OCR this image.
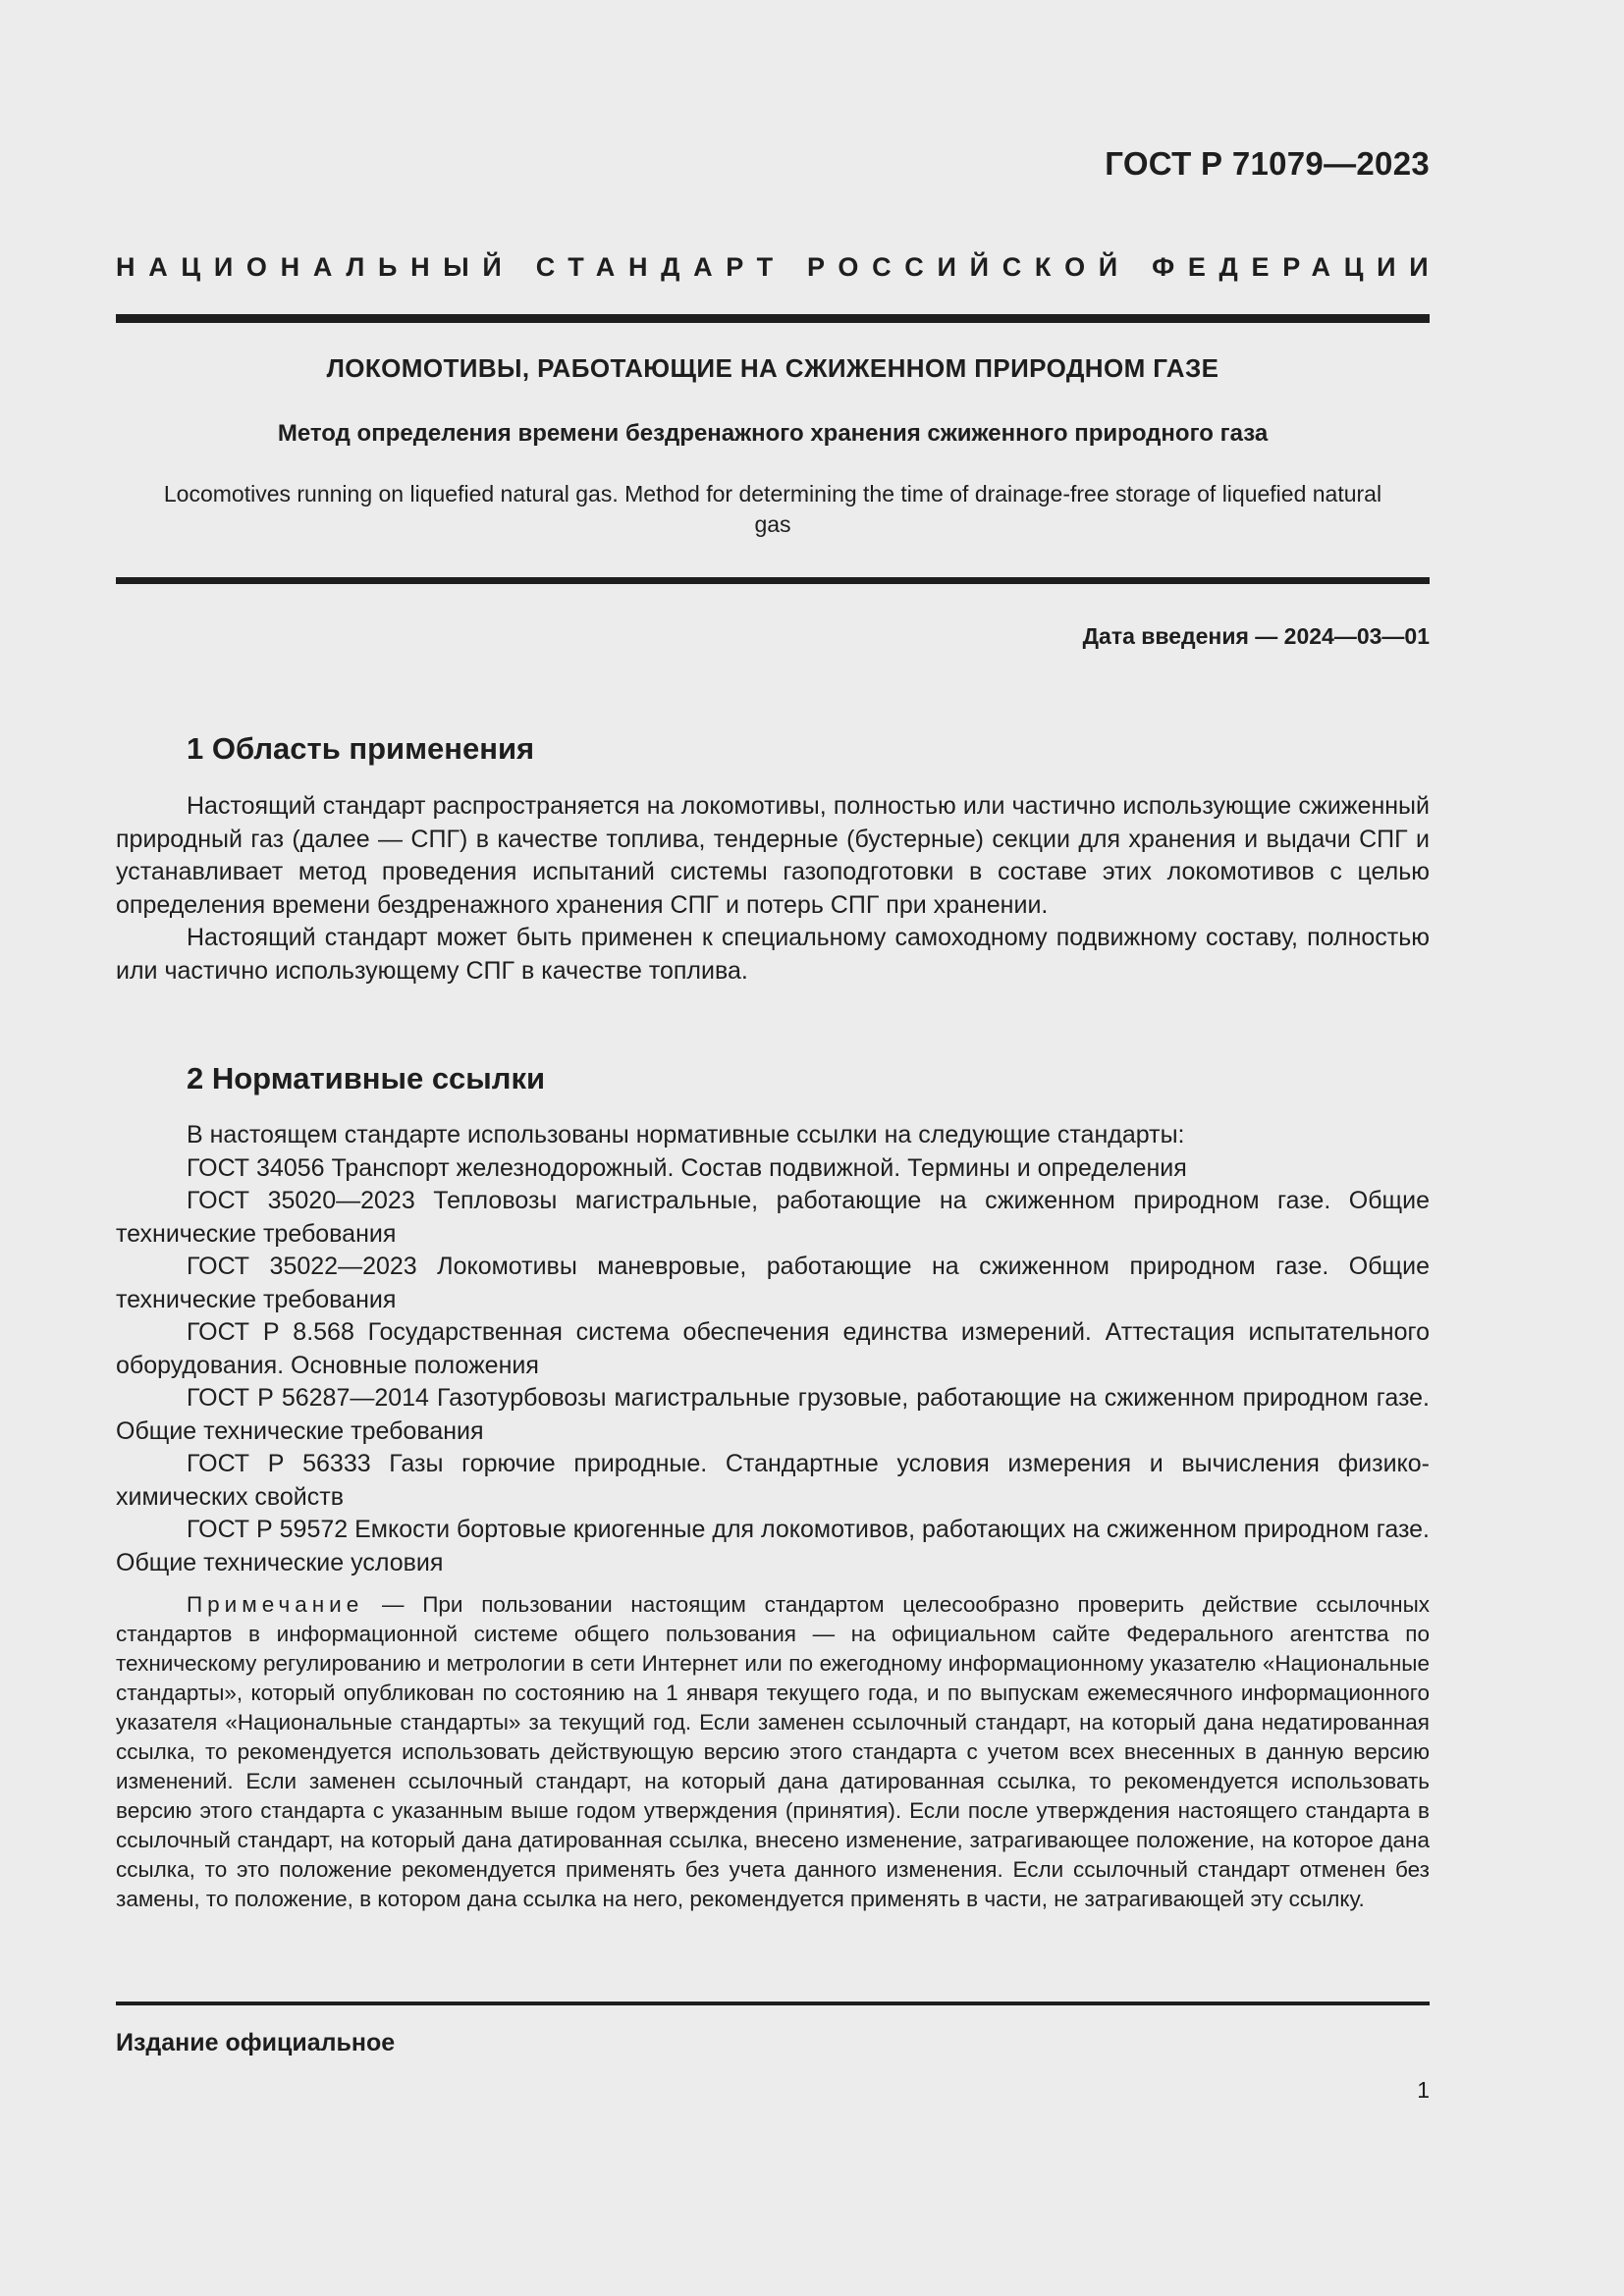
ГОСТ Р 71079—2023
НАЦИОНАЛЬНЫЙ СТАНДАРТ РОССИЙСКОЙ ФЕДЕРАЦИИ
ЛОКОМОТИВЫ, РАБОТАЮЩИЕ НА СЖИЖЕННОМ ПРИРОДНОМ ГАЗЕ
Метод определения времени бездренажного хранения сжиженного природного газа
Locomotives running on liquefied natural gas. Method for determining the time of drainage-free storage of liquefied natural gas
Дата введения — 2024—03—01
1 Область применения

Настоящий стандарт распространяется на локомотивы, полностью или частично использующие сжиженный природный газ (далее — СПГ) в качестве топлива, тендерные (бустерные) секции для хранения и выдачи СПГ и устанавливает метод проведения испытаний системы газоподготовки в составе этих локомотивов с целью определения времени бездренажного хранения СПГ и потерь СПГ при хранении.

Настоящий стандарт может быть применен к специальному самоходному подвижному составу, полностью или частично использующему СПГ в качестве топлива.

2 Нормативные ссылки

В настоящем стандарте использованы нормативные ссылки на следующие стандарты:

ГОСТ 34056 Транспорт железнодорожный. Состав подвижной. Термины и определения

ГОСТ 35020—2023 Тепловозы магистральные, работающие на сжиженном природном газе. Общие технические требования

ГОСТ 35022—2023 Локомотивы маневровые, работающие на сжиженном природном газе. Общие технические требования

ГОСТ Р 8.568 Государственная система обеспечения единства измерений. Аттестация испытательного оборудования. Основные положения

ГОСТ Р 56287—2014 Газотурбовозы магистральные грузовые, работающие на сжиженном природном газе. Общие технические требования

ГОСТ Р 56333 Газы горючие природные. Стандартные условия измерения и вычисления физико-химических свойств

ГОСТ Р 59572 Емкости бортовые криогенные для локомотивов, работающих на сжиженном природном газе. Общие технические условия

Примечание — При пользовании настоящим стандартом целесообразно проверить действие ссылочных стандартов в информационной системе общего пользования — на официальном сайте Федерального агентства по техническому регулированию и метрологии в сети Интернет или по ежегодному информационному указателю «Национальные стандарты», который опубликован по состоянию на 1 января текущего года, и по выпускам ежемесячного информационного указателя «Национальные стандарты» за текущий год. Если заменен ссылочный стандарт, на который дана недатированная ссылка, то рекомендуется использовать действующую версию этого стандарта с учетом всех внесенных в данную версию изменений. Если заменен ссылочный стандарт, на который дана датированная ссылка, то рекомендуется использовать версию этого стандарта с указанным выше годом утверждения (принятия). Если после утверждения настоящего стандарта в ссылочный стандарт, на который дана датированная ссылка, внесено изменение, затрагивающее положение, на которое дана ссылка, то это положение рекомендуется применять без учета данного изменения. Если ссылочный стандарт отменен без замены, то положение, в котором дана ссылка на него, рекомендуется применять в части, не затрагивающей эту ссылку.

Издание официальное
1
